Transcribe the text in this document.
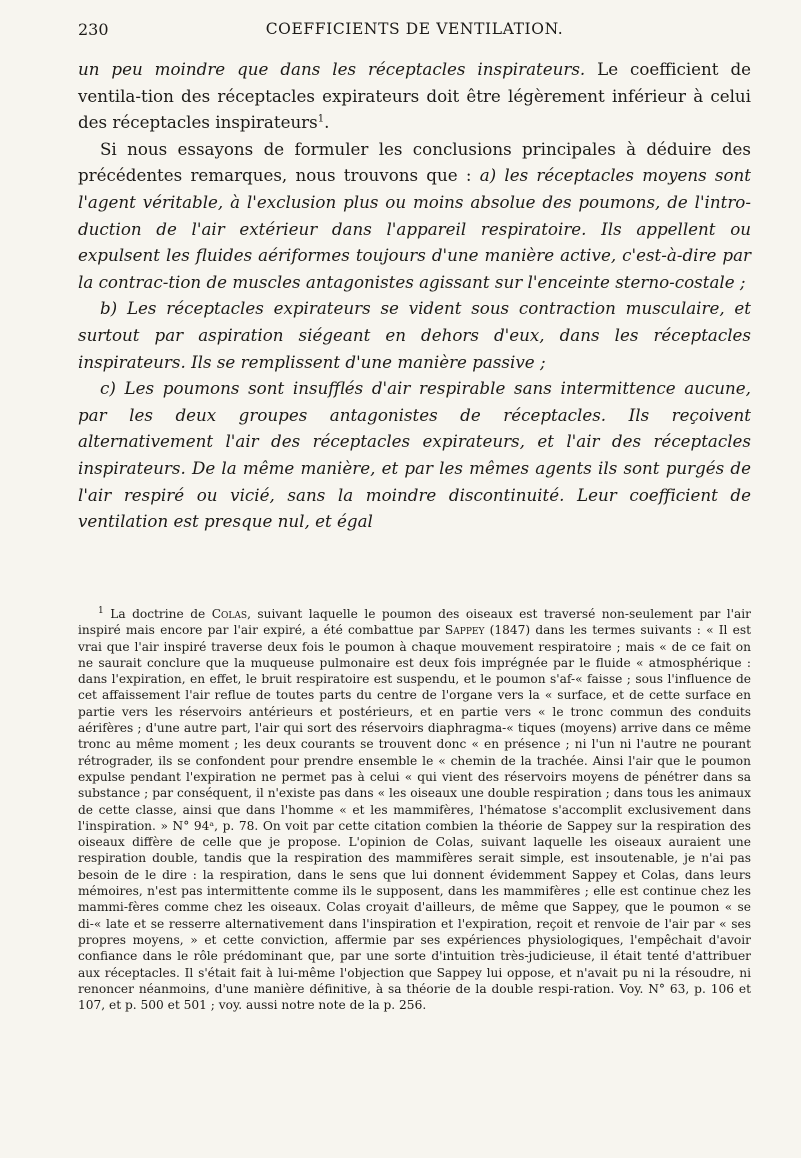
230	COEFFICIENTS DE VENTILATION.

un peu moindre que dans les réceptacles inspirateurs. Le coefficient de ventila-tion des réceptacles expirateurs doit être légèrement inférieur à celui des réceptacles inspirateurs$^1$.

Si nous essayons de formuler les conclusions principales à déduire des précédentes remarques, nous trouvons que : a) les réceptacles moyens sont l'agent véritable, à l'exclusion plus ou moins absolue des poumons, de l'intro-duction de l'air extérieur dans l'appareil respiratoire. Ils appellent ou expulsent les fluides aériformes toujours d'une manière active, c'est-à-dire par la contrac-tion de muscles antagonistes agissant sur l'enceinte sterno-costale ;

b) Les réceptacles expirateurs se vident sous contraction musculaire, et surtout par aspiration siégeant en dehors d'eux, dans les réceptacles inspirateurs. Ils se remplissent d'une manière passive ;

c) Les poumons sont insufflés d'air respirable sans intermittence aucune, par les deux groupes antagonistes de réceptacles. Ils reçoivent alternativement l'air des réceptacles expirateurs, et l'air des réceptacles inspirateurs. De la même manière, et par les mêmes agents ils sont purgés de l'air respiré ou vicié, sans la moindre discontinuité. Leur coefficient de ventilation est presque nul, et égal

$^1$ La doctrine de Colas, suivant laquelle le poumon des oiseaux est traversé non-seulement par l'air inspiré mais encore par l'air expiré, a été combattue par Sappey (1847) dans les termes suivants : « Il est vrai que l'air inspiré traverse deux fois le poumon à chaque mouvement respiratoire ; mais « de ce fait on ne saurait conclure que la muqueuse pulmonaire est deux fois imprégnée par le fluide « atmosphérique : dans l'expiration, en effet, le bruit respiratoire est suspendu, et le poumon s'af-« faisse ; sous l'influence de cet affaissement l'air reflue de toutes parts du centre de l'organe vers la « surface, et de cette surface en partie vers les réservoirs antérieurs et postérieurs, et en partie vers « le tronc commun des conduits aérifères ; d'une autre part, l'air qui sort des réservoirs diaphragma-« tiques (moyens) arrive dans ce même tronc au même moment ; les deux courants se trouvent donc « en présence ; ni l'un ni l'autre ne pourant rétrograder, ils se confondent pour prendre ensemble le « chemin de la trachée. Ainsi l'air que le poumon expulse pendant l'expiration ne permet pas à celui « qui vient des réservoirs moyens de pénétrer dans sa substance ; par conséquent, il n'existe pas dans « les oiseaux une double respiration ; dans tous les animaux de cette classe, ainsi que dans l'homme « et les mammifères, l'hématose s'accomplit exclusivement dans l'inspiration. » N° 94ᵃ, p. 78. On voit par cette citation combien la théorie de Sappey sur la respiration des oiseaux diffère de celle que je propose. L'opinion de Colas, suivant laquelle les oiseaux auraient une respiration double, tandis que la respiration des mammifères serait simple, est insoutenable, je n'ai pas besoin de le dire : la respiration, dans le sens que lui donnent évidemment Sappey et Colas, dans leurs mémoires, n'est pas intermittente comme ils le supposent, dans les mammifères ; elle est continue chez les mammi-fères comme chez les oiseaux. Colas croyait d'ailleurs, de même que Sappey, que le poumon « se di-« late et se resserre alternativement dans l'inspiration et l'expiration, reçoit et renvoie de l'air par « ses propres moyens, » et cette conviction, affermie par ses expériences physiologiques, l'empêchait d'avoir confiance dans le rôle prédominant que, par une sorte d'intuition très-judicieuse, il était tenté d'attribuer aux réceptacles. Il s'était fait à lui-même l'objection que Sappey lui oppose, et n'avait pu ni la résoudre, ni renoncer néanmoins, d'une manière définitive, à sa théorie de la double respi-ration. Voy. N° 63, p. 106 et 107, et p. 500 et 501 ; voy. aussi notre note de la p. 256.
